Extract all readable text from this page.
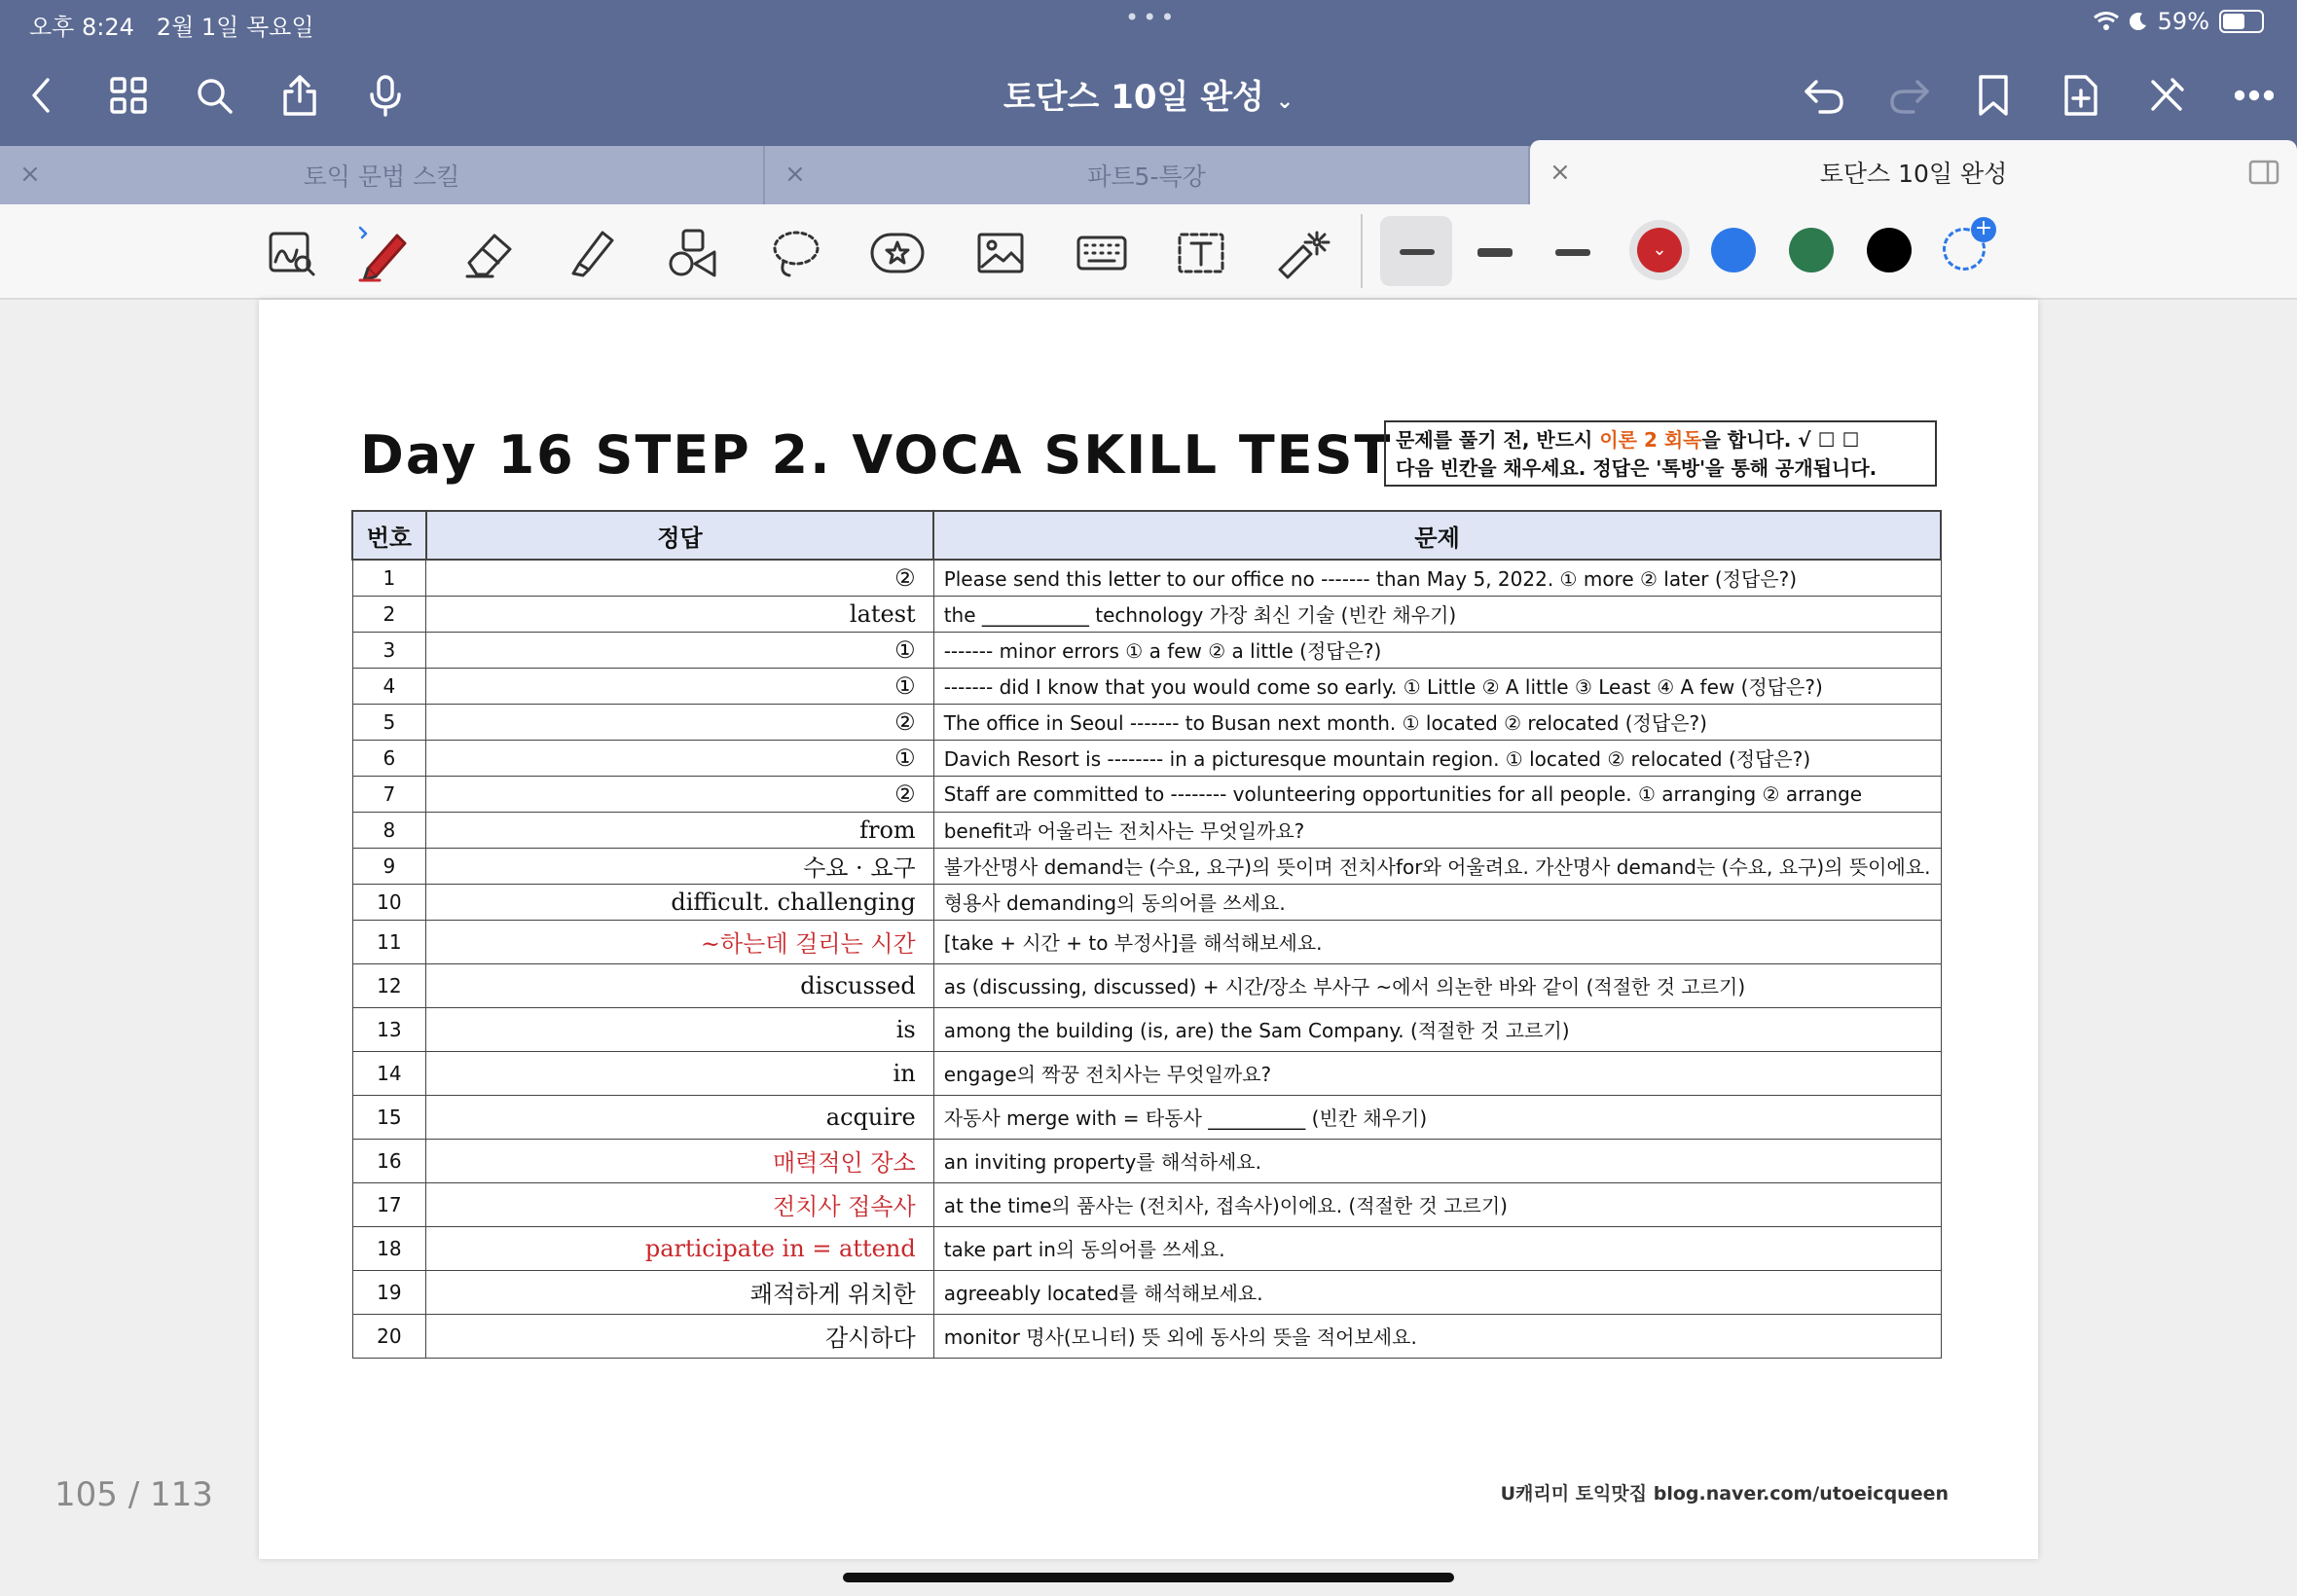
오후 8:24 2월 1일 목요일	•••	59%
토단스 10일 완성 ⌄
×	토익 문법 스킬	×	파트5-특강	×	토단스 10일 완성
⌄
+
Day 16 STEP 2. VOCA SKILL TEST 문제를 풀기 전, 반드시 이론 2 회독을 합니다. √ ☐ ☐
다음 빈칸을 채우세요. 정답은 '톡방'을 통해 공개됩니다.
번호	정답	문제
1	②	Please send this letter to our office no ------- than May 5, 2022. ① more ② later (정답은?)
2	latest	the ___________ technology 가장 최신 기술 (빈칸 채우기)
3	①	------- minor errors ① a few ② a little (정답은?)
4	①	------- did I know that you would come so early. ① Little ② A little ③ Least ④ A few (정답은?)
5	②	The office in Seoul ------- to Busan next month. ① located ② relocated (정답은?)
6	①	Davich Resort is -------- in a picturesque mountain region. ① located ② relocated (정답은?)
7	②	Staff are committed to -------- volunteering opportunities for all people. ① arranging ② arrange
8	from	benefit과 어울리는 전치사는 무엇일까요?
9	수요 · 요구	불가산명사 demand는 (수요, 요구)의 뜻이며 전치사for와 어울려요. 가산명사 demand는 (수요, 요구)의 뜻이에요.
10	difficult. challenging	형용사 demanding의 동의어를 쓰세요.
11	~하는데 걸리는 시간	[take + 시간 + to 부정사]를 해석해보세요.
12	discussed	as (discussing, discussed) + 시간/장소 부사구 ~에서 의논한 바와 같이 (적절한 것 고르기)
13	is	among the building (is, are) the Sam Company. (적절한 것 고르기)
14	in	engage의 짝꿍 전치사는 무엇일까요?
15	acquire	자동사 merge with = 타동사 __________ (빈칸 채우기)
16	매력적인 장소	an inviting property를 해석하세요.
17	전치사 접속사	at the time의 품사는 (전치사, 접속사)이에요. (적절한 것 고르기)
18	participate in = attend	take part in의 동의어를 쓰세요.
19	쾌적하게 위치한	agreeably located를 해석해보세요.
20	감시하다	monitor 명사(모니터) 뜻 외에 동사의 뜻을 적어보세요.
U캐리미 토익맛집 blog.naver.com/utoeicqueen
105 / 113
